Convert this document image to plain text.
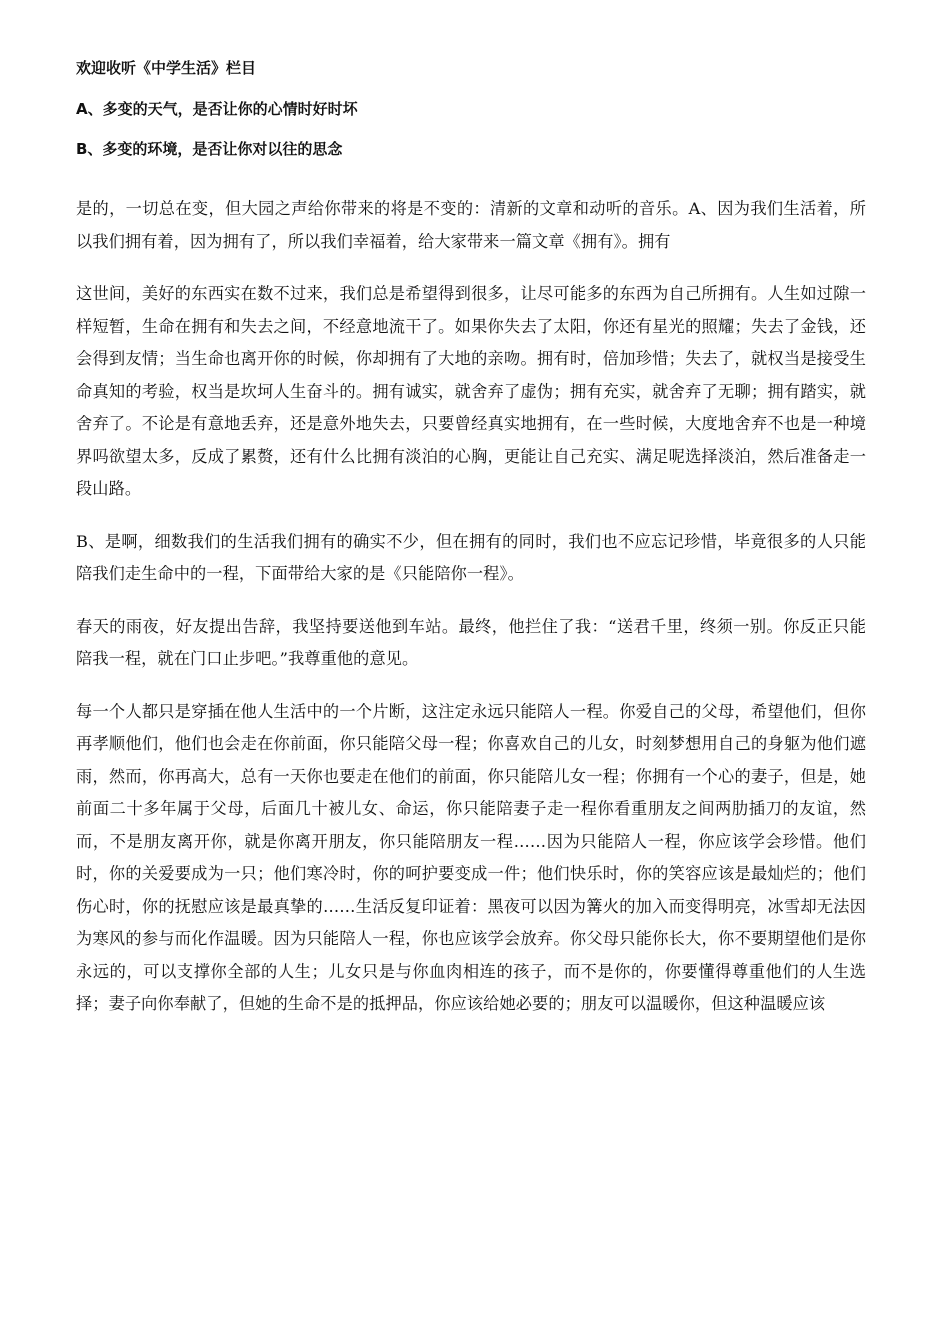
欢迎收听《中学生活》栏目
A、多变的天气，是否让你的心情时好时坏
B、多变的环境，是否让你对以往的思念

是的，一切总在变，但大园之声给你带来的将是不变的：清新的文章和动听的音乐。A、因为我们生活着，所以我们拥有着，因为拥有了，所以我们幸福着，给大家带来一篇文章《拥有》。拥有

这世间，美好的东西实在数不过来，我们总是希望得到很多，让尽可能多的东西为自己所拥有。人生如过隙一样短暂，生命在拥有和失去之间，不经意地流干了。如果你失去了太阳，你还有星光的照耀；失去了金钱，还会得到友情；当生命也离开你的时候，你却拥有了大地的亲吻。拥有时，倍加珍惜；失去了，就权当是接受生命真知的考验，权当是坎坷人生奋斗的。拥有诚实，就舍弃了虚伪；拥有充实，就舍弃了无聊；拥有踏实，就舍弃了。不论是有意地丢弃，还是意外地失去，只要曾经真实地拥有，在一些时候，大度地舍弃不也是一种境界吗欲望太多，反成了累赘，还有什么比拥有淡泊的心胸，更能让自己充实、满足呢选择淡泊，然后准备走一段山路。

B、是啊，细数我们的生活我们拥有的确实不少，但在拥有的同时，我们也不应忘记珍惜，毕竟很多的人只能陪我们走生命中的一程，下面带给大家的是《只能陪你一程》。

春天的雨夜，好友提出告辞，我坚持要送他到车站。最终，他拦住了我：“送君千里，终须一别。你反正只能陪我一程，就在门口止步吧。”我尊重他的意见。

每一个人都只是穿插在他人生活中的一个片断，这注定永远只能陪人一程。你爱自己的父母，希望他们，但你再孝顺他们，他们也会走在你前面，你只能陪父母一程；你喜欢自己的儿女，时刻梦想用自己的身躯为他们遮雨，然而，你再高大，总有一天你也要走在他们的前面，你只能陪儿女一程；你拥有一个心的妻子，但是，她前面二十多年属于父母，后面几十被儿女、命运，你只能陪妻子走一程你看重朋友之间两肋插刀的友谊，然而，不是朋友离开你，就是你离开朋友，你只能陪朋友一程……因为只能陪人一程，你应该学会珍惜。他们时，你的关爱要成为一只；他们寒冷时，你的呵护要变成一件；他们快乐时，你的笑容应该是最灿烂的；他们伤心时，你的抚慰应该是最真挚的……生活反复印证着：黑夜可以因为篝火的加入而变得明亮，冰雪却无法因为寒风的参与而化作温暖。因为只能陪人一程，你也应该学会放弃。你父母只能你长大，你不要期望他们是你永远的，可以支撑你全部的人生；儿女只是与你血肉相连的孩子，而不是你的，你要懂得尊重他们的人生选择；妻子向你奉献了，但她的生命不是的抵押品，你应该给她必要的；朋友可以温暖你，但这种温暖应该
